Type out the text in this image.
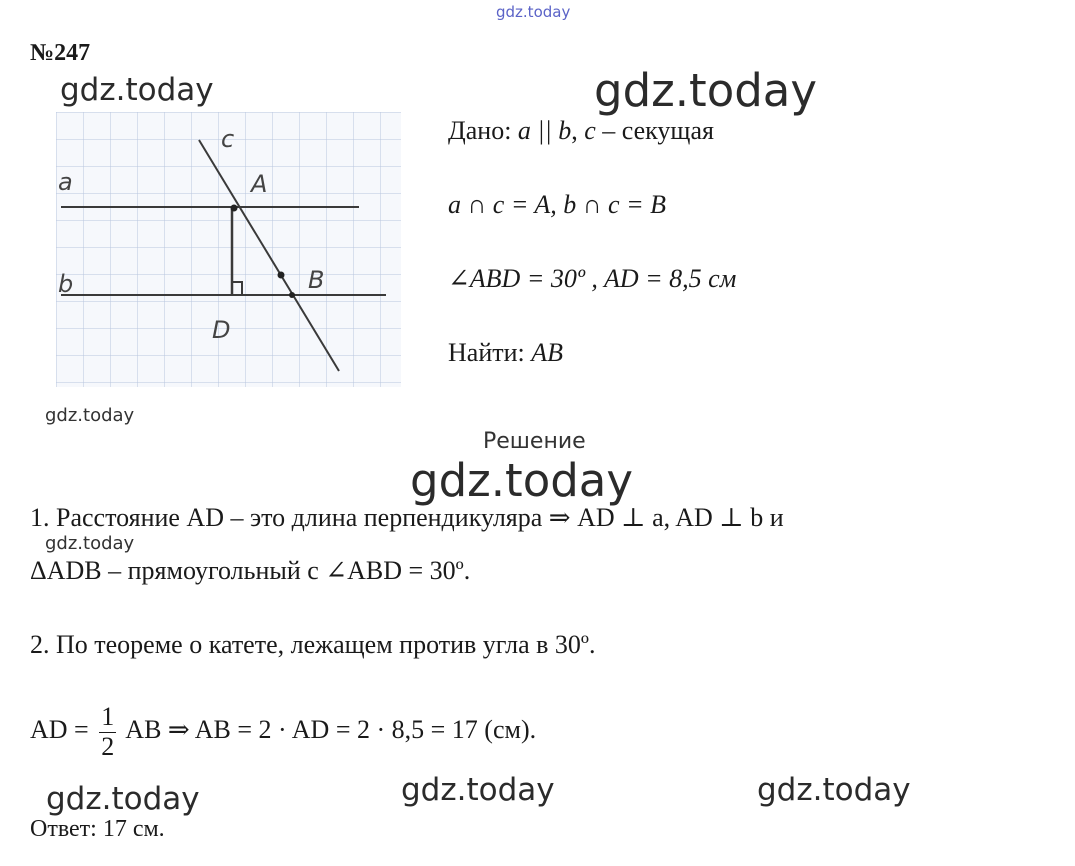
gdz.today
gdz.today	gdz.today
gdz.today
gdz.today
gdz.today
gdz.today	gdz.today	gdz.today
№247
c
a
b
A
B
D
Дано: a || b, c – секущая
a ∩ c = A, b ∩ c = B
∠ABD = 30º , AD = 8,5 см
Найти: AB
Решение
1. Расстояние AD – это длина перпендикуляра ⇒ AD ⊥ a, AD ⊥ b и
ΔADB – прямоугольный с ∠ABD = 30º.
2. По теореме о катете, лежащем против угла в 30º.
AD = $\frac{1}{2}$ AB ⇒ AB = 2 · AD = 2 · 8,5 = 17 (см).
Ответ: 17 см.
